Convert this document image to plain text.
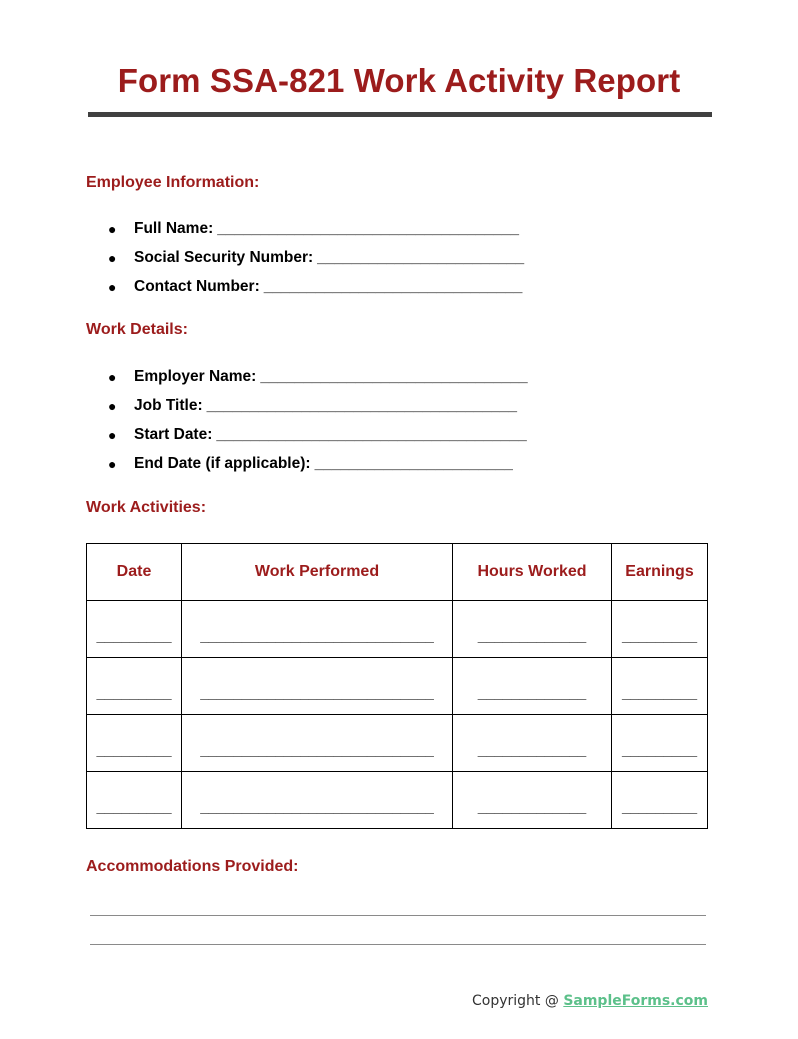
Form SSA-821 Work Activity Report
Employee Information:
●	Full Name: ___________________________________
●	Social Security Number: ________________________
●	Contact Number: ______________________________
Work Details:
●	Employer Name: _______________________________
●	Job Title: ____________________________________
●	Start Date: ____________________________________
●	End Date (if applicable): _______________________
Work Activities:
Date	Work Performed	Hours Worked	Earnings
_________	____________________________	_____________	_________
_________	____________________________	_____________	_________
_________	____________________________	_____________	_________
_________	____________________________	_____________	_________
Accommodations Provided:
Copyright @ SampleForms.com
